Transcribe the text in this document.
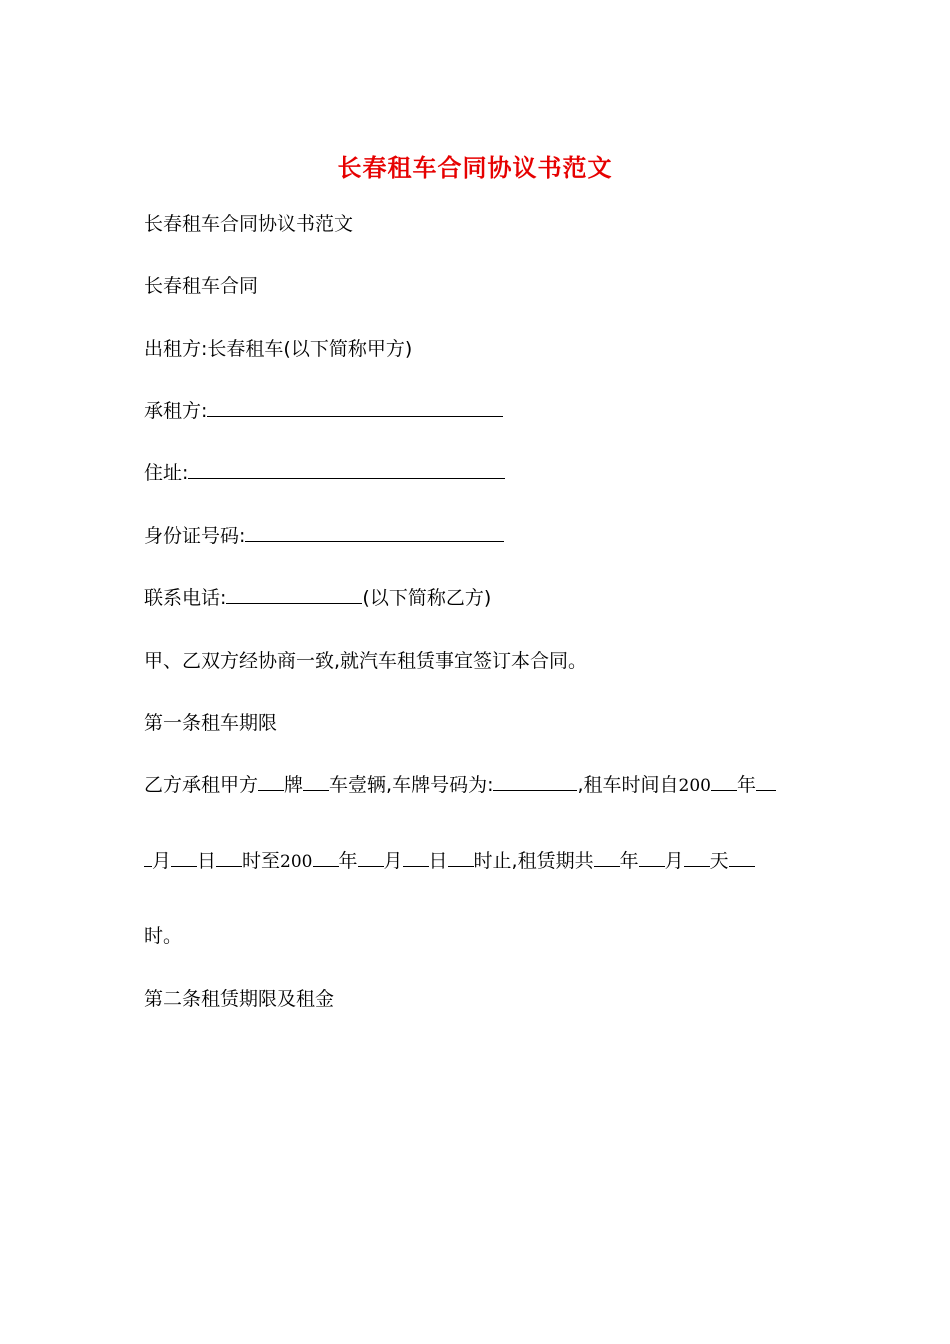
长春租车合同协议书范文

长春租车合同协议书范文

长春租车合同

出租方:长春租车(以下简称甲方)

承租方:

住址:

身份证号码:

联系电话:	(以下简称乙方)

甲、乙双方经协商一致,就汽车租赁事宜签订本合同。

第一条租车期限

乙方承租甲方 牌 车壹辆,车牌号码为:	,租车时间自200 年

月 日 时至200 年 月 日 时止,租赁期共 年 月 天

时。

第二条租赁期限及租金
